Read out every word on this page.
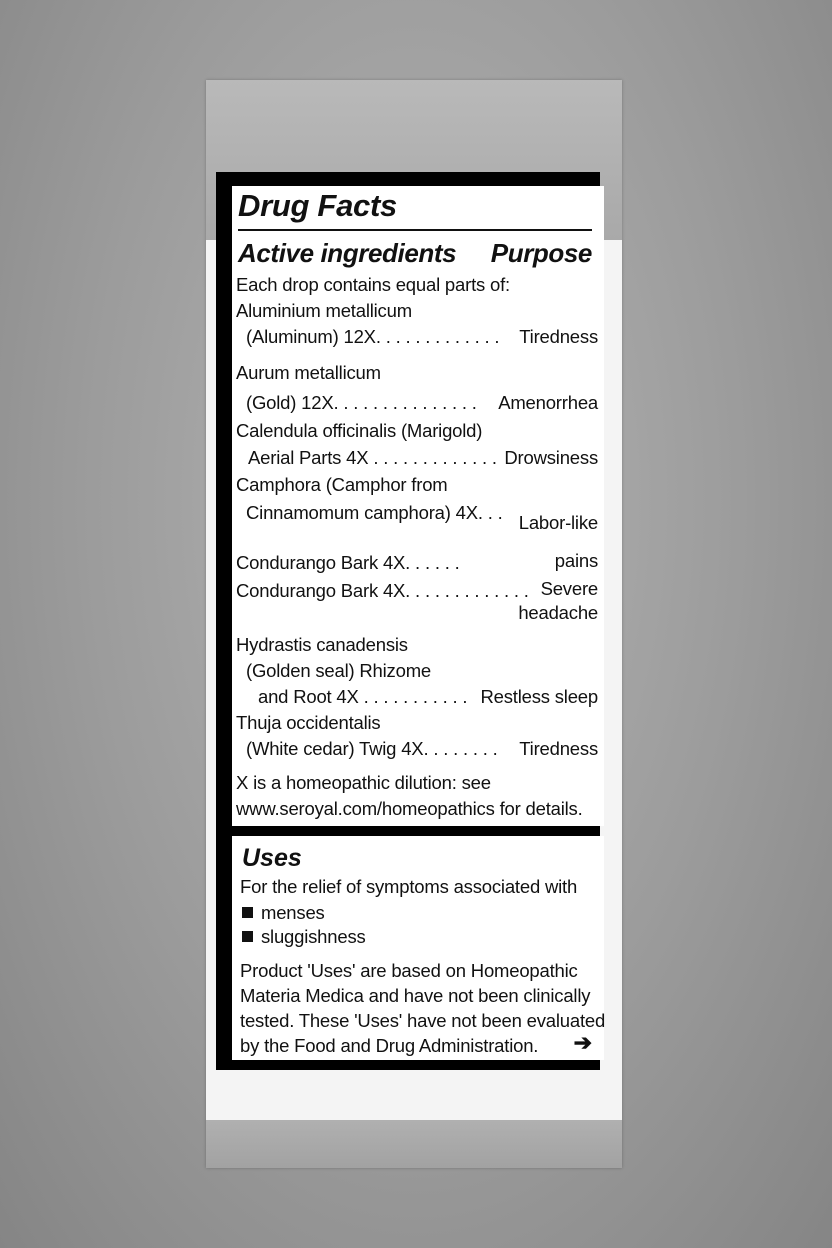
Drug Facts
Active ingredients Purpose
Each drop contains equal parts of:
Aluminium metallicum
(Aluminum) 12X. . . . . . . . . . . . . Tiredness
Aurum metallicum
(Gold) 12X. . . . . . . . . . . . . . . Amenorrhea
Calendula officinalis (Marigold)
Aerial Parts 4X . . . . . . . . . . . . . Drowsiness
Camphora (Camphor from
Cinnamomum camphora) 4X. . . Labor-like
Condurango Bark 4X. . . . . .	pains
Condurango Bark 4X. . . . . . . . . . . . . Severe
headache
Hydrastis canadensis
(Golden seal) Rhizome
and Root 4X . . . . . . . . . . . Restless sleep
Thuja occidentalis
(White cedar) Twig 4X. . . . . . . . Tiredness
X is a homeopathic dilution: see
www.seroyal.com/homeopathics for details.
Uses
For the relief of symptoms associated with
menses
sluggishness
Product 'Uses' are based on Homeopathic
Materia Medica and have not been clinically
tested. These 'Uses' have not been evaluated
by the Food and Drug Administration. ➔
